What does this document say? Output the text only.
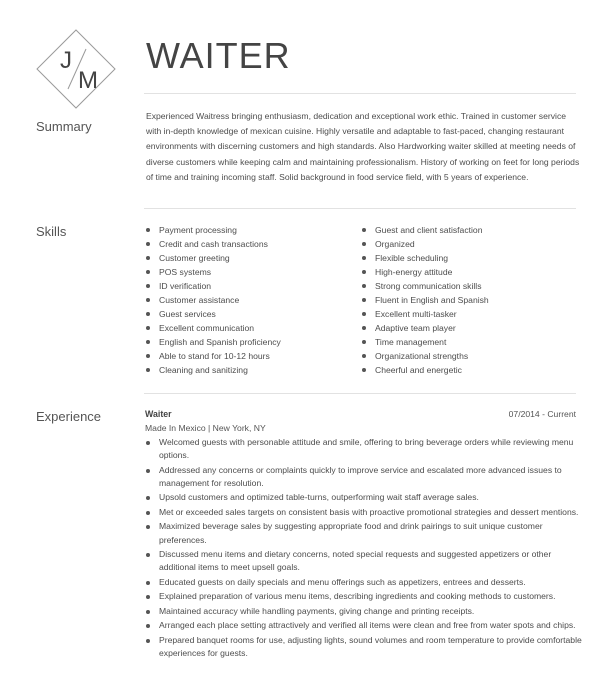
J
M
WAITER
Summary

Experienced Waitress bringing enthusiasm, dedication and exceptional work ethic. Trained in customer service with in-depth knowledge of mexican cuisine. Highly versatile and adaptable to fast-paced, changing restaurant environments with discerning customers and high standards. Also Hardworking waiter skilled at meeting needs of diverse customers while keeping calm and maintaining professionalism. History of working on feet for long periods of time and training incoming staff. Solid background in food service field, with 5 years of experience.

Skills	Payment processing
Credit and cash transactions
Customer greeting
POS systems
ID verification
Customer assistance
Guest services
Excellent communication
English and Spanish proficiency
Able to stand for 10-12 hours
Cleaning and sanitizing
Guest and client satisfaction
Organized
Flexible scheduling
High-energy attitude
Strong communication skills
Fluent in English and Spanish
Excellent multi-tasker
Adaptive team player
Time management
Organizational strengths
Cheerful and energetic
Experience	Waiter	07/2014 - Current
Made In Mexico | New York, NY
Welcomed guests with personable attitude and smile, offering to bring beverage orders while reviewing menu options.
Addressed any concerns or complaints quickly to improve service and escalated more advanced issues to management for resolution.
Upsold customers and optimized table-turns, outperforming wait staff average sales.
Met or exceeded sales targets on consistent basis with proactive promotional strategies and dessert mentions.
Maximized beverage sales by suggesting appropriate food and drink pairings to suit unique customer preferences.
Discussed menu items and dietary concerns, noted special requests and suggested appetizers or other additional items to meet upsell goals.
Educated guests on daily specials and menu offerings such as appetizers, entrees and desserts.
Explained preparation of various menu items, describing ingredients and cooking methods to customers.
Maintained accuracy while handling payments, giving change and printing receipts.
Arranged each place setting attractively and verified all items were clean and free from water spots and chips.
Prepared banquet rooms for use, adjusting lights, sound volumes and room temperature to provide comfortable experiences for guests.
